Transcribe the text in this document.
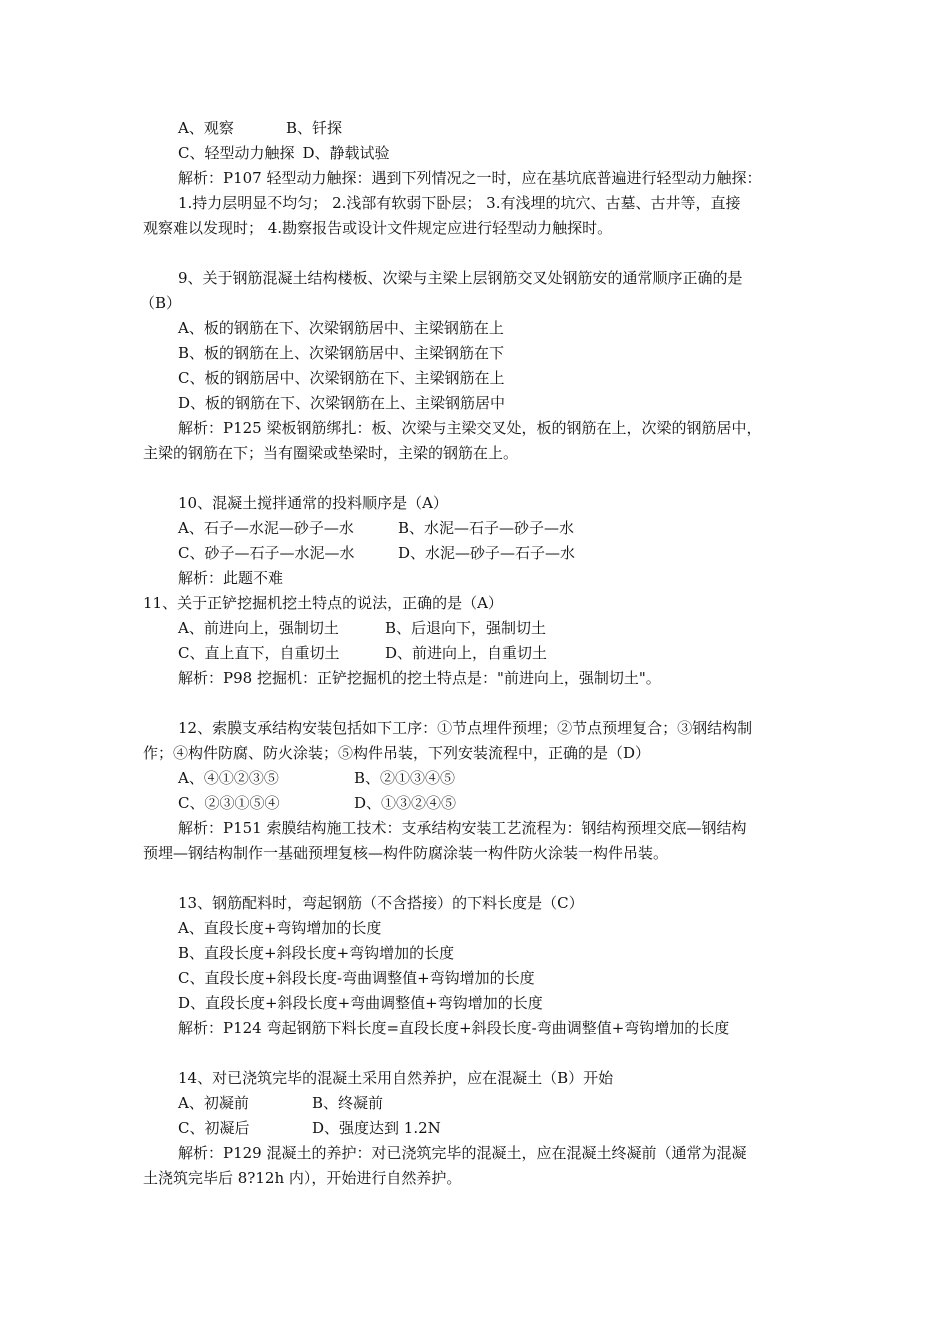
A、观察	B、钎探
C、轻型动力触探 D、静载试验
解析：P107 轻型动力触探：遇到下列情况之一时，应在基坑底普遍进行轻型动力触探：
1.持力层明显不均匀； 2.浅部有软弱下卧层； 3.有浅埋的坑穴、古墓、古井等，直接
观察难以发现时； 4.勘察报告或设计文件规定应进行轻型动力触探时。
9、关于钢筋混凝土结构楼板、次梁与主梁上层钢筋交叉处钢筋安的通常顺序正确的是
（B）
A、板的钢筋在下、次梁钢筋居中、主梁钢筋在上
B、板的钢筋在上、次梁钢筋居中、主梁钢筋在下
C、板的钢筋居中、次梁钢筋在下、主梁钢筋在上
D、板的钢筋在下、次梁钢筋在上、主梁钢筋居中
解析：P125 梁板钢筋绑扎：板、次梁与主梁交叉处，板的钢筋在上，次梁的钢筋居中，
主梁的钢筋在下；当有圈梁或垫梁时，主梁的钢筋在上。
10、混凝土搅拌通常的投料顺序是（A）
A、石子—水泥—砂子—水	B、水泥—石子—砂子—水
C、砂子—石子—水泥—水	D、水泥—砂子—石子—水
解析：此题不难
11、关于正铲挖掘机挖土特点的说法，正确的是（A）
A、前进向上，强制切土	B、后退向下，强制切土
C、直上直下，自重切土	D、前进向上，自重切土
解析：P98 挖掘机：正铲挖掘机的挖土特点是："前进向上，强制切土"。
12、索膜支承结构安装包括如下工序：①节点埋件预埋；②节点预埋复合；③钢结构制
作；④构件防腐、防火涂装；⑤构件吊装，下列安装流程中，正确的是（D）
A、④①②③⑤	B、②①③④⑤
C、②③①⑤④	D、①③②④⑤
解析：P151 索膜结构施工技术：支承结构安装工艺流程为：钢结构预埋交底—钢结构
预埋—钢结构制作一基础预埋复核—构件防腐涂装一构件防火涂装一构件吊装。
13、钢筋配料时，弯起钢筋（不含搭接）的下料长度是（C）
A、直段长度+弯钩增加的长度
B、直段长度+斜段长度+弯钩增加的长度
C、直段长度+斜段长度-弯曲调整值+弯钩增加的长度
D、直段长度+斜段长度+弯曲调整值+弯钩增加的长度
解析：P124 弯起钢筋下料长度=直段长度+斜段长度-弯曲调整值+弯钩增加的长度
14、对已浇筑完毕的混凝土采用自然养护，应在混凝土（B）开始
A、初凝前	B、终凝前
C、初凝后	D、强度达到 1.2N
解析：P129 混凝土的养护：对已浇筑完毕的混凝土，应在混凝土终凝前（通常为混凝
土浇筑完毕后 8?12h 内），开始进行自然养护。
